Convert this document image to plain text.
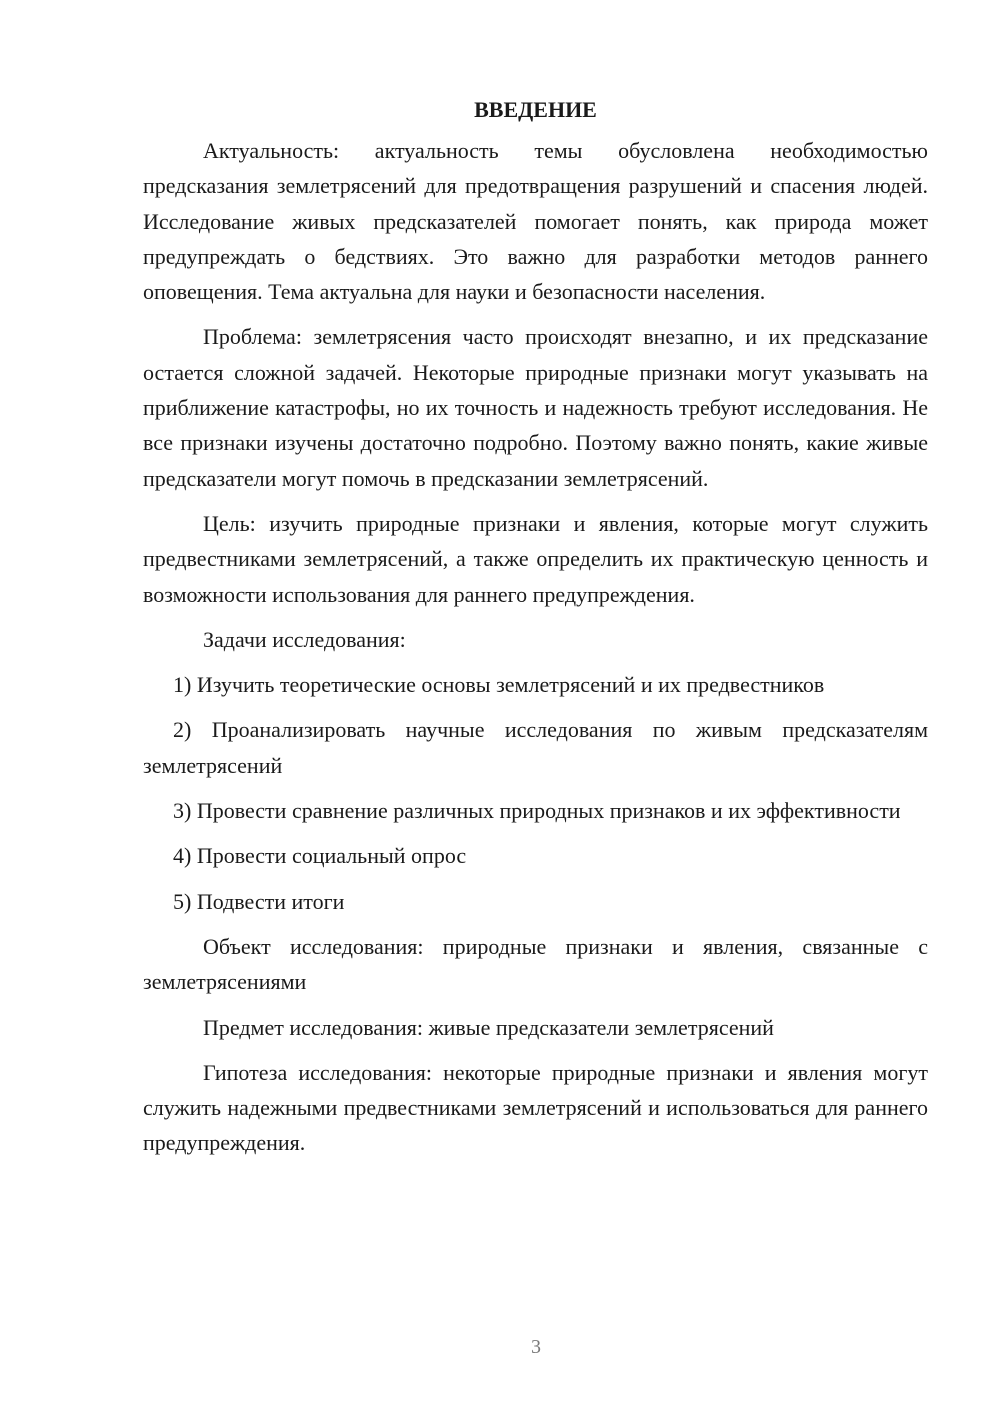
ВВЕДЕНИЕ

Актуальность: актуальность темы обусловлена необходимостью предсказания землетрясений для предотвращения разрушений и спасения людей. Исследование живых предсказателей помогает понять, как природа может предупреждать о бедствиях. Это важно для разработки методов раннего оповещения. Тема актуальна для науки и безопасности населения.

Проблема: землетрясения часто происходят внезапно, и их предсказание остается сложной задачей. Некоторые природные признаки могут указывать на приближение катастрофы, но их точность и надежность требуют исследования. Не все признаки изучены достаточно подробно. Поэтому важно понять, какие живые предсказатели могут помочь в предсказании землетрясений.

Цель: изучить природные признаки и явления, которые могут служить предвестниками землетрясений, а также определить их практическую ценность и возможности использования для раннего предупреждения.

Задачи исследования:

1) Изучить теоретические основы землетрясений и их предвестников

2) Проанализировать научные исследования по живым предсказателям землетрясений

3) Провести сравнение различных природных признаков и их эффективности

4) Провести социальный опрос

5) Подвести итоги

Объект исследования: природные признаки и явления, связанные с землетрясениями

Предмет исследования: живые предсказатели землетрясений

Гипотеза исследования: некоторые природные признаки и явления могут служить надежными предвестниками землетрясений и использоваться для раннего предупреждения.

3
